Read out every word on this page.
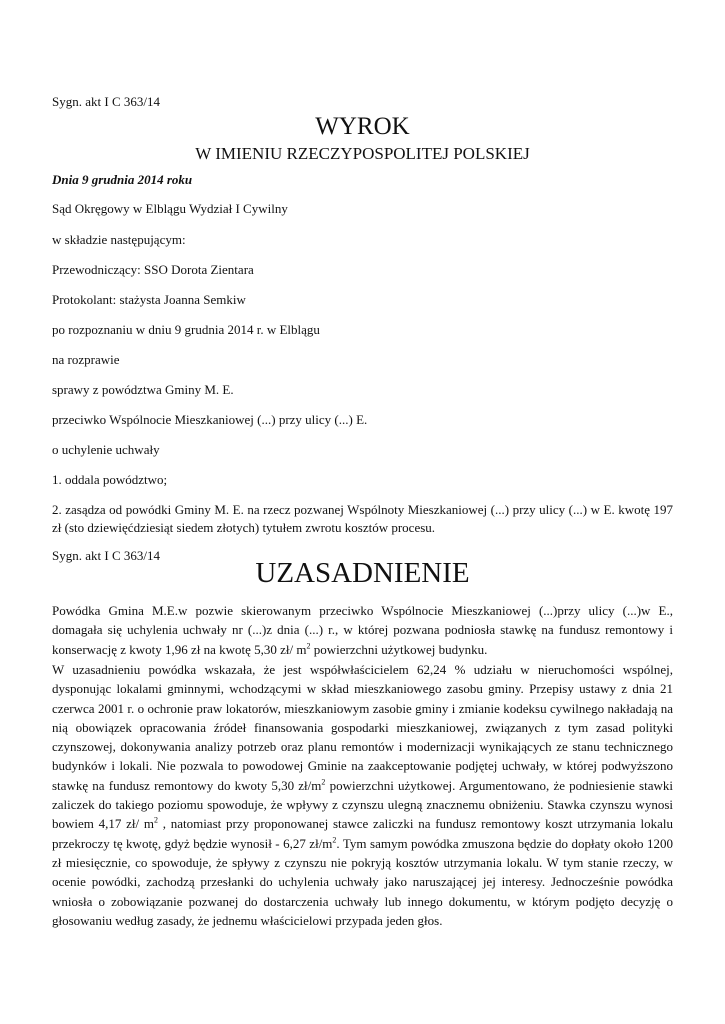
Sygn. akt I C 363/14
WYROK
W IMIENIU RZECZYPOSPOLITEJ POLSKIEJ
Dnia 9 grudnia 2014 roku
Sąd Okręgowy w Elblągu Wydział I Cywilny
w składzie następującym:
Przewodniczący: SSO Dorota Zientara
Protokolant: stażysta Joanna Semkiw
po rozpoznaniu w dniu 9 grudnia 2014 r. w Elblągu
na rozprawie
sprawy z powództwa Gminy M. E.
przeciwko Wspólnocie Mieszkaniowej (...) przy ulicy (...) E.
o uchylenie uchwały
1. oddala powództwo;
2. zasądza od powódki Gminy M. E. na rzecz pozwanej Wspólnoty Mieszkaniowej (...) przy ulicy (...) w E. kwotę 197 zł (sto dziewięćdziesiąt siedem złotych) tytułem zwrotu kosztów procesu.
Sygn. akt I C 363/14
UZASADNIENIE

Powódka Gmina M.E.w pozwie skierowanym przeciwko Wspólnocie Mieszkaniowej (...)przy ulicy (...)w E., domagała się uchylenia uchwały nr (...)z dnia (...) r., w której pozwana podniosła stawkę na fundusz remontowy i konserwację z kwoty 1,96 zł na kwotę 5,30 zł/ $m^2$ powierzchni użytkowej budynku.

W uzasadnieniu powódka wskazała, że jest współwłaścicielem 62,24 % udziału w nieruchomości wspólnej, dysponując lokalami gminnymi, wchodzącymi w skład mieszkaniowego zasobu gminy. Przepisy ustawy z dnia 21 czerwca 2001 r. o ochronie praw lokatorów, mieszkaniowym zasobie gminy i zmianie kodeksu cywilnego nakładają na nią obowiązek opracowania źródeł finansowania gospodarki mieszkaniowej, związanych z tym zasad polityki czynszowej, dokonywania analizy potrzeb oraz planu remontów i modernizacji wynikających ze stanu technicznego budynków i lokali. Nie pozwala to powodowej Gminie na zaakceptowanie podjętej uchwały, w której podwyższono stawkę na fundusz remontowy do kwoty 5,30 $zł/m^2$ powierzchni użytkowej. Argumentowano, że podniesienie stawki zaliczek do takiego poziomu spowoduje, że wpływy z czynszu ulegną znacznemu obniżeniu. Stawka czynszu wynosi bowiem 4,17 zł/ $m^2$ , natomiast przy proponowanej stawce zaliczki na fundusz remontowy koszt utrzymania lokalu przekroczy tę kwotę, gdyż będzie wynosił - 6,27 $zł/m^2$. Tym samym powódka zmuszona będzie do dopłaty około 1200 zł miesięcznie, co spowoduje, że spływy z czynszu nie pokryją kosztów utrzymania lokalu. W tym stanie rzeczy, w ocenie powódki, zachodzą przesłanki do uchylenia uchwały jako naruszającej jej interesy. Jednocześnie powódka wniosła o zobowiązanie pozwanej do dostarczenia uchwały lub innego dokumentu, w którym podjęto decyzję o głosowaniu według zasady, że jednemu właścicielowi przypada jeden głos.
